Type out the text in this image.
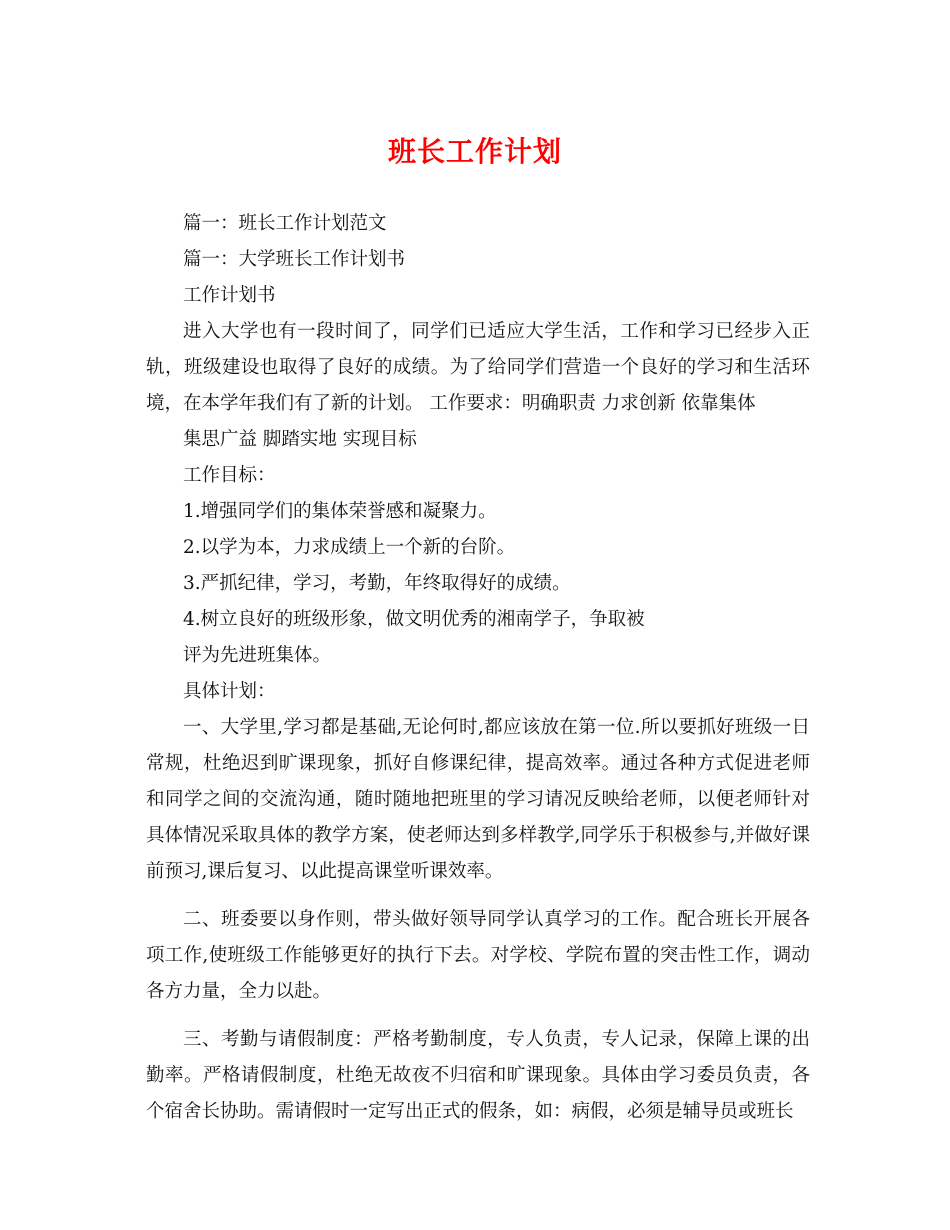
班长工作计划
篇一：班长工作计划范文
篇一：大学班长工作计划书
工作计划书

进入大学也有一段时间了，同学们已适应大学生活，工作和学习已经步入正轨，班级建设也取得了良好的成绩。为了给同学们营造一个良好的学习和生活环境，在本学年我们有了新的计划。 工作要求：明确职责 力求创新 依靠集体

集思广益 脚踏实地 实现目标
工作目标：
1.增强同学们的集体荣誉感和凝聚力。
2.以学为本，力求成绩上一个新的台阶。
3.严抓纪律，学习，考勤，年终取得好的成绩。
4.树立良好的班级形象，做文明优秀的湘南学子，争取被
评为先进班集体。
具体计划：

一、大学里,学习都是基础,无论何时,都应该放在第一位.所以要抓好班级一日常规，杜绝迟到旷课现象，抓好自修课纪律，提高效率。通过各种方式促进老师和同学之间的交流沟通，随时随地把班里的学习请况反映给老师，以便老师针对具体情况采取具体的教学方案，使老师达到多样教学,同学乐于积极参与,并做好课前预习,课后复习、以此提高课堂听课效率。

二、班委要以身作则，带头做好领导同学认真学习的工作。配合班长开展各项工作,使班级工作能够更好的执行下去。对学校、学院布置的突击性工作，调动各方力量，全力以赴。

三、考勤与请假制度：严格考勤制度，专人负责，专人记录，保障上课的出勤率。严格请假制度，杜绝无故夜不归宿和旷课现象。具体由学习委员负责，各个宿舍长协助。需请假时一定写出正式的假条，如：病假，必须是辅导员或班长
